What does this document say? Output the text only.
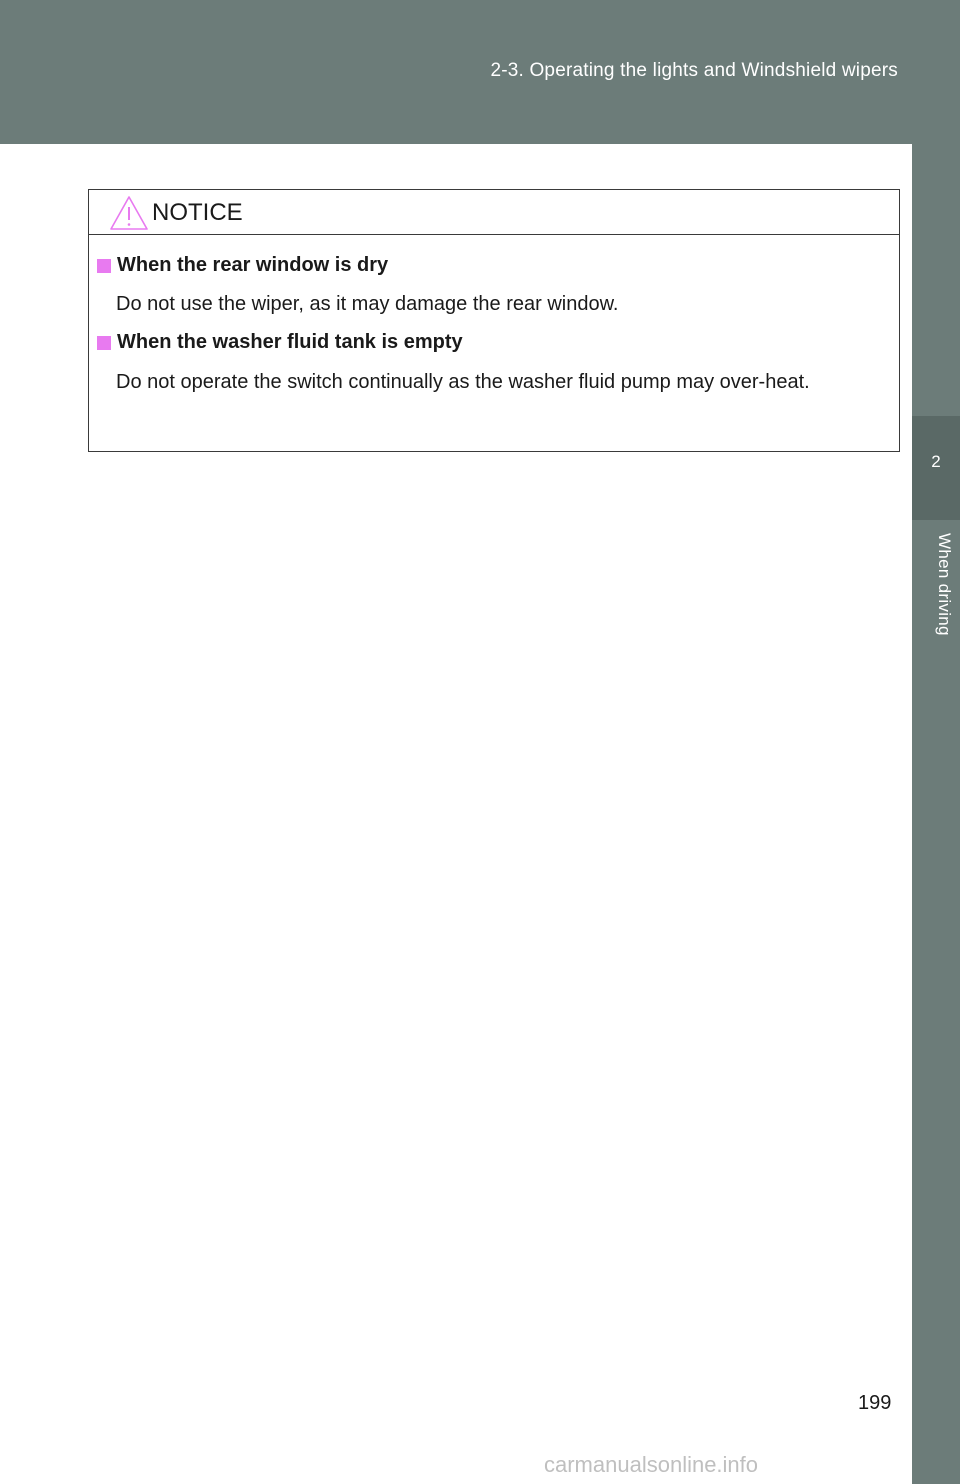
2-3. Operating the lights and Windshield wipers
2
When driving
NOTICE
When the rear window is dry
Do not use the wiper, as it may damage the rear window.
When the washer fluid tank is empty
Do not operate the switch continually as the washer fluid pump may over-heat.
199
carmanualsonline.info
